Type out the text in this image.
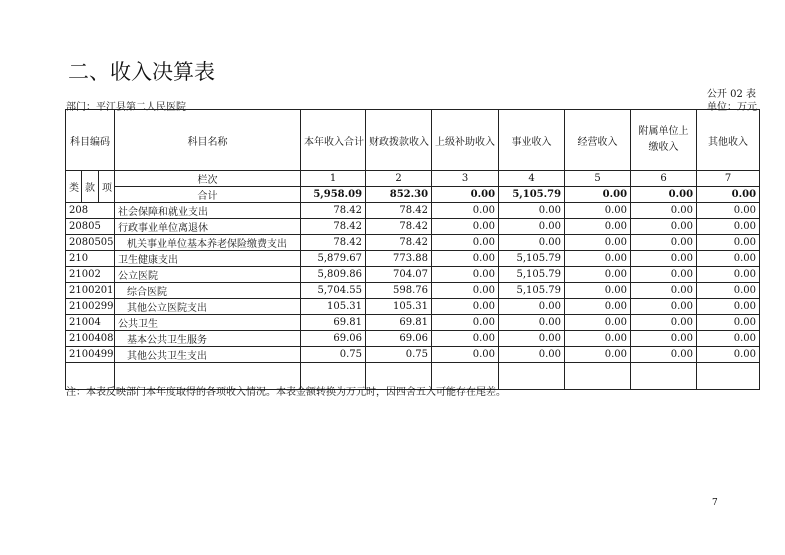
二、收入决算表
公开 02 表
部门：平江县第二人民医院	单位：万元
科目编码			科目名称	本年收入合计	财政拨款收入	上级补助收入	事业收入	经营收入	附属单位上缴收入	其他收入
类	款	项	栏次	1	2	3	4	5	6	7
			合计	5,958.09	852.30	0.00	5,105.79	0.00	0.00	0.00
208			社会保障和就业支出	78.42	78.42	0.00	0.00	0.00	0.00	0.00
20805			行政事业单位离退休	78.42	78.42	0.00	0.00	0.00	0.00	0.00
2080505			机关事业单位基本养老保险缴费支出	78.42	78.42	0.00	0.00	0.00	0.00	0.00
210			卫生健康支出	5,879.67	773.88	0.00	5,105.79	0.00	0.00	0.00
21002			公立医院	5,809.86	704.07	0.00	5,105.79	0.00	0.00	0.00
2100201			综合医院	5,704.55	598.76	0.00	5,105.79	0.00	0.00	0.00
2100299			其他公立医院支出	105.31	105.31	0.00	0.00	0.00	0.00	0.00
21004			公共卫生	69.81	69.81	0.00	0.00	0.00	0.00	0.00
2100408			基本公共卫生服务	69.06	69.06	0.00	0.00	0.00	0.00	0.00
2100499			其他公共卫生支出	0.75	0.75	0.00	0.00	0.00	0.00	0.00

注：本表反映部门本年度取得的各项收入情况。本表金额转换为万元时，因四舍五入可能存在尾差。
7
